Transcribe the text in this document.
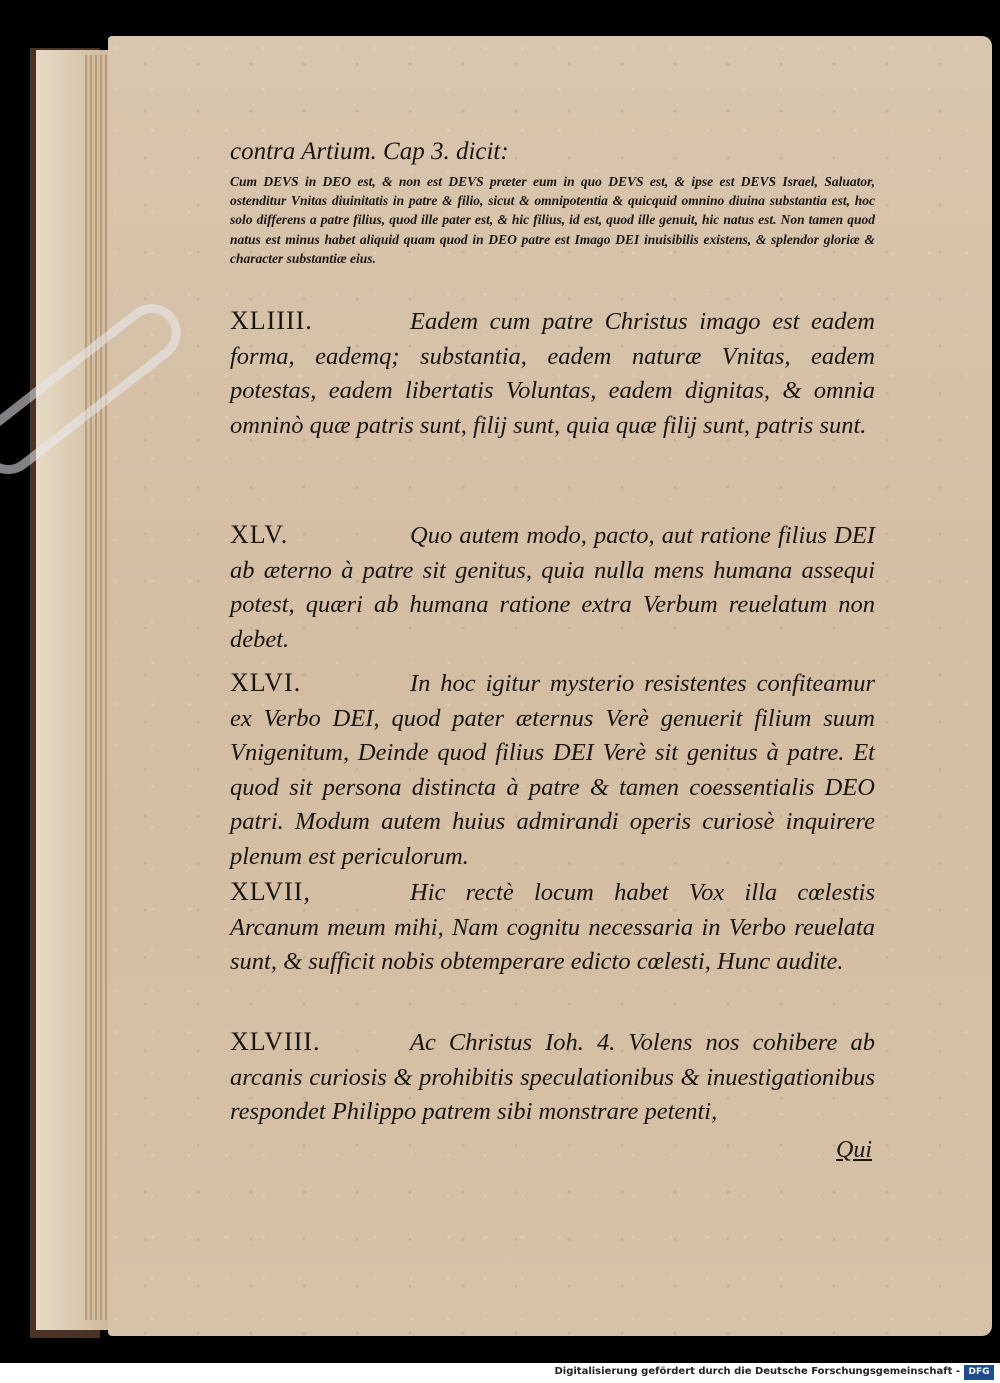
contra Artium. Cap 3. dicit:
Cum DEVS in DEO est, & non est DEVS præter eum in quo DEVS est, & ipse est DEVS Israel, Saluator, ostenditur Vnitas diuinitatis in patre & filio, sicut & omnipotentia & quicquid omnino diuina substantia est, hoc solo differens a patre filius, quod ille pater est, & hic filius, id est, quod ille genuit, hic natus est. Non tamen quod natus est minus habet aliquid quam quod in DEO patre est Imago DEI inuisibilis existens, & splendor gloriæ & character substantiæ eius.
XLIIII.	Eadem cum patre Christus imago est eadem forma, eademq; substantia, eadem naturæ Vnitas, eadem potestas, eadem libertatis Voluntas, eadem dignitas, & omnia omninò quæ patris sunt, filij sunt, quia quæ filij sunt, patris sunt.
XLV.	Quo autem modo, pacto, aut ratione filius DEI ab æterno à patre sit genitus, quia nulla mens humana assequi potest, quæri ab humana ratione extra Verbum reuelatum non debet.
XLVI.	In hoc igitur mysterio resistentes confiteamur ex Verbo DEI, quod pater æternus Verè genuerit filium suum Vnigenitum, Deinde quod filius DEI Verè sit genitus à patre. Et quod sit persona distincta à patre & tamen coessentialis DEO patri. Modum autem huius admirandi operis curiosè inquirere plenum est periculorum.
XLVII,	Hic rectè locum habet Vox illa cœlestis Arcanum meum mihi, Nam cognitu necessaria in Verbo reuelata sunt, & sufficit nobis obtemperare edicto cœlesti, Hunc audite.
XLVIII.	Ac Christus Ioh. 4. Volens nos cohibere ab arcanis curiosis & prohibitis speculationibus & inuestigationibus respondet Philippo patrem sibi monstrare petenti,
Qui
Digitalisierung gefördert durch die Deutsche Forschungsgemeinschaft - DFG
